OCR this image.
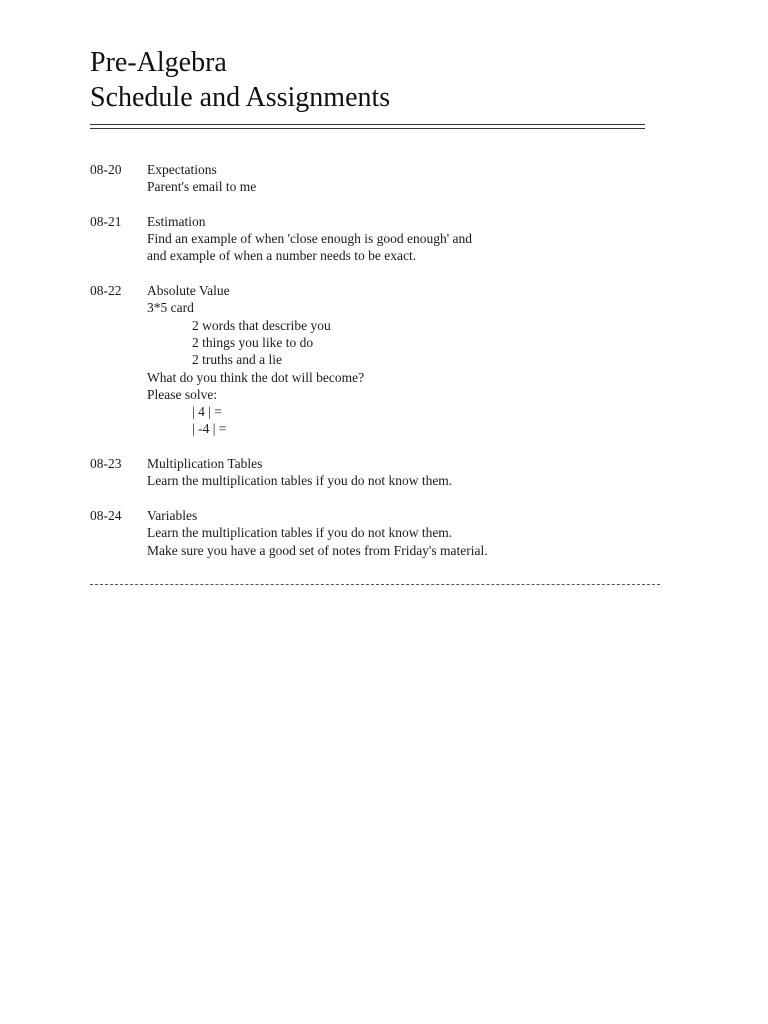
Pre-Algebra
Schedule and Assignments
08-20	Expectations
Parent's email to me
08-21	Estimation
Find an example of when 'close enough is good enough' and
and example of when a number needs to be exact.
08-22	Absolute Value
3*5 card
2 words that describe you
2 things you like to do
2 truths and a lie
What do you think the dot will become?
Please solve:
| 4 | =
| -4 | =
08-23	Multiplication Tables
Learn the multiplication tables if you do not know them.
08-24	Variables
Learn the multiplication tables if you do not know them.
Make sure you have a good set of notes from Friday's material.
